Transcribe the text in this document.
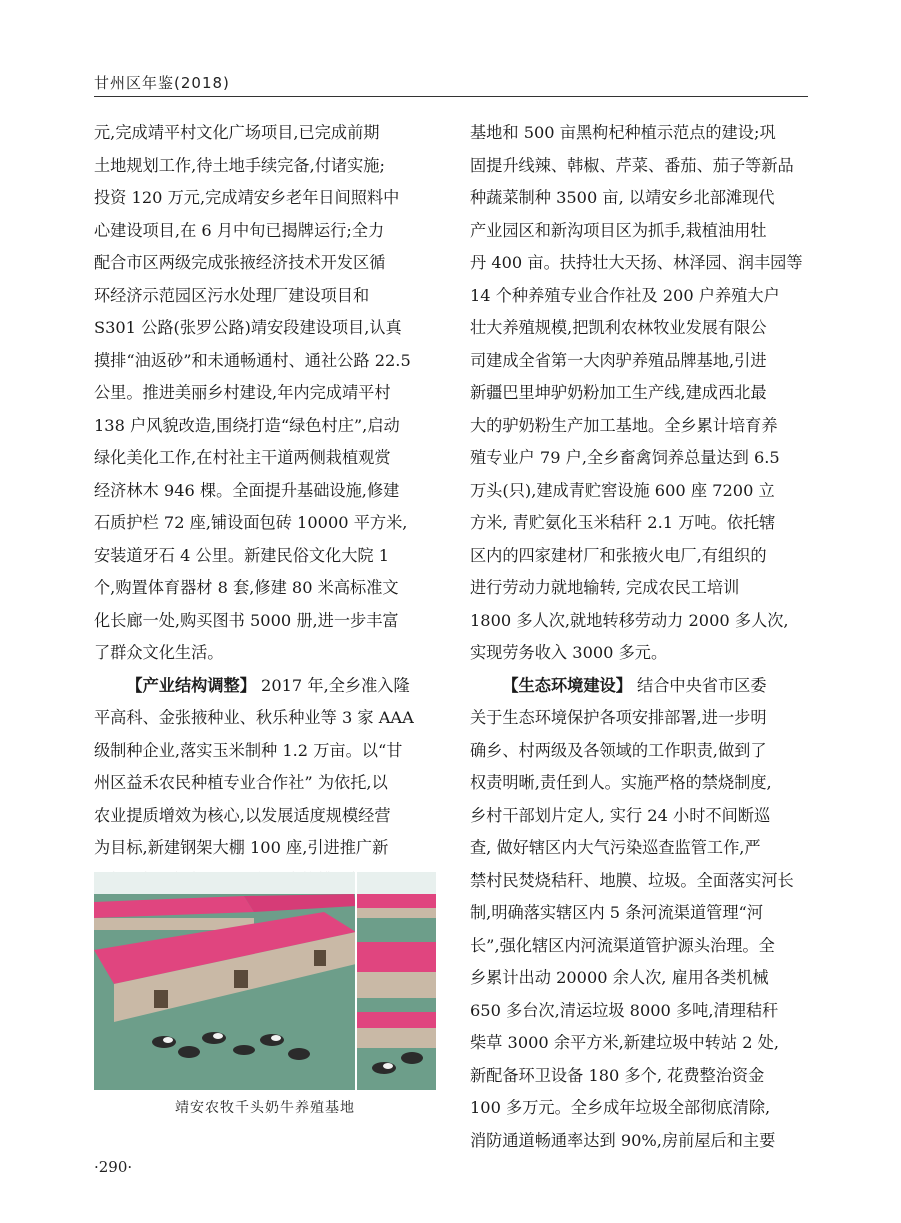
甘州区年鉴(2018)

元,完成靖平村文化广场项目,已完成前期

土地规划工作,待土地手续完备,付诸实施;

投资 120 万元,完成靖安乡老年日间照料中

心建设项目,在 6 月中旬已揭牌运行;全力

配合市区两级完成张掖经济技术开发区循

环经济示范园区污水处理厂建设项目和

S301 公路(张罗公路)靖安段建设项目,认真

摸排“油返砂”和未通畅通村、通社公路 22.5

公里。推进美丽乡村建设,年内完成靖平村

138 户风貌改造,围绕打造“绿色村庄”,启动

绿化美化工作,在村社主干道两侧栽植观赏

经济林木 946 棵。全面提升基础设施,修建

石质护栏 72 座,铺设面包砖 10000 平方米,

安装道牙石 4 公里。新建民俗文化大院 1

个,购置体育器材 8 套,修建 80 米高标准文

化长廊一处,购买图书 5000 册,进一步丰富

了群众文化生活。

【产业结构调整】 2017 年,全乡准入隆

平高科、金张掖种业、秋乐种业等 3 家 AAA

级制种企业,落实玉米制种 1.2 万亩。以“甘

州区益禾农民种植专业合作社” 为依托,以

农业提质增效为核心,以发展适度规模经营

为目标,新建钢架大棚 100 座,引进推广新

靖安农牧千头奶牛养殖基地

基地和 500 亩黑枸杞种植示范点的建设;巩

固提升线辣、韩椒、芹菜、番茄、茄子等新品

种蔬菜制种 3500 亩, 以靖安乡北部滩现代

产业园区和新沟项目区为抓手,栽植油用牡

丹 400 亩。扶持壮大天扬、林泽园、润丰园等

14 个种养殖专业合作社及 200 户养殖大户

壮大养殖规模,把凯利农林牧业发展有限公

司建成全省第一大肉驴养殖品牌基地,引进

新疆巴里坤驴奶粉加工生产线,建成西北最

大的驴奶粉生产加工基地。全乡累计培育养

殖专业户 79 户,全乡畜禽饲养总量达到 6.5

万头(只),建成青贮窖设施 600 座 7200 立

方米, 青贮氨化玉米秸秆 2.1 万吨。依托辖

区内的四家建材厂和张掖火电厂,有组织的

进行劳动力就地输转, 完成农民工培训

1800 多人次,就地转移劳动力 2000 多人次,

实现劳务收入 3000 多元。

【生态环境建设】 结合中央省市区委

关于生态环境保护各项安排部署,进一步明

确乡、村两级及各领域的工作职责,做到了

权责明晰,责任到人。实施严格的禁烧制度,

乡村干部划片定人, 实行 24 小时不间断巡

查, 做好辖区内大气污染巡查监管工作,严

禁村民焚烧秸秆、地膜、垃圾。全面落实河长

制,明确落实辖区内 5 条河流渠道管理“河

长”,强化辖区内河流渠道管护源头治理。全

乡累计出动 20000 余人次, 雇用各类机械

650 多台次,清运垃圾 8000 多吨,清理秸秆

柴草 3000 余平方米,新建垃圾中转站 2 处,

新配备环卫设备 180 多个, 花费整治资金

100 多万元。全乡成年垃圾全部彻底清除,

消防通道畅通率达到 90%,房前屋后和主要

·290·
